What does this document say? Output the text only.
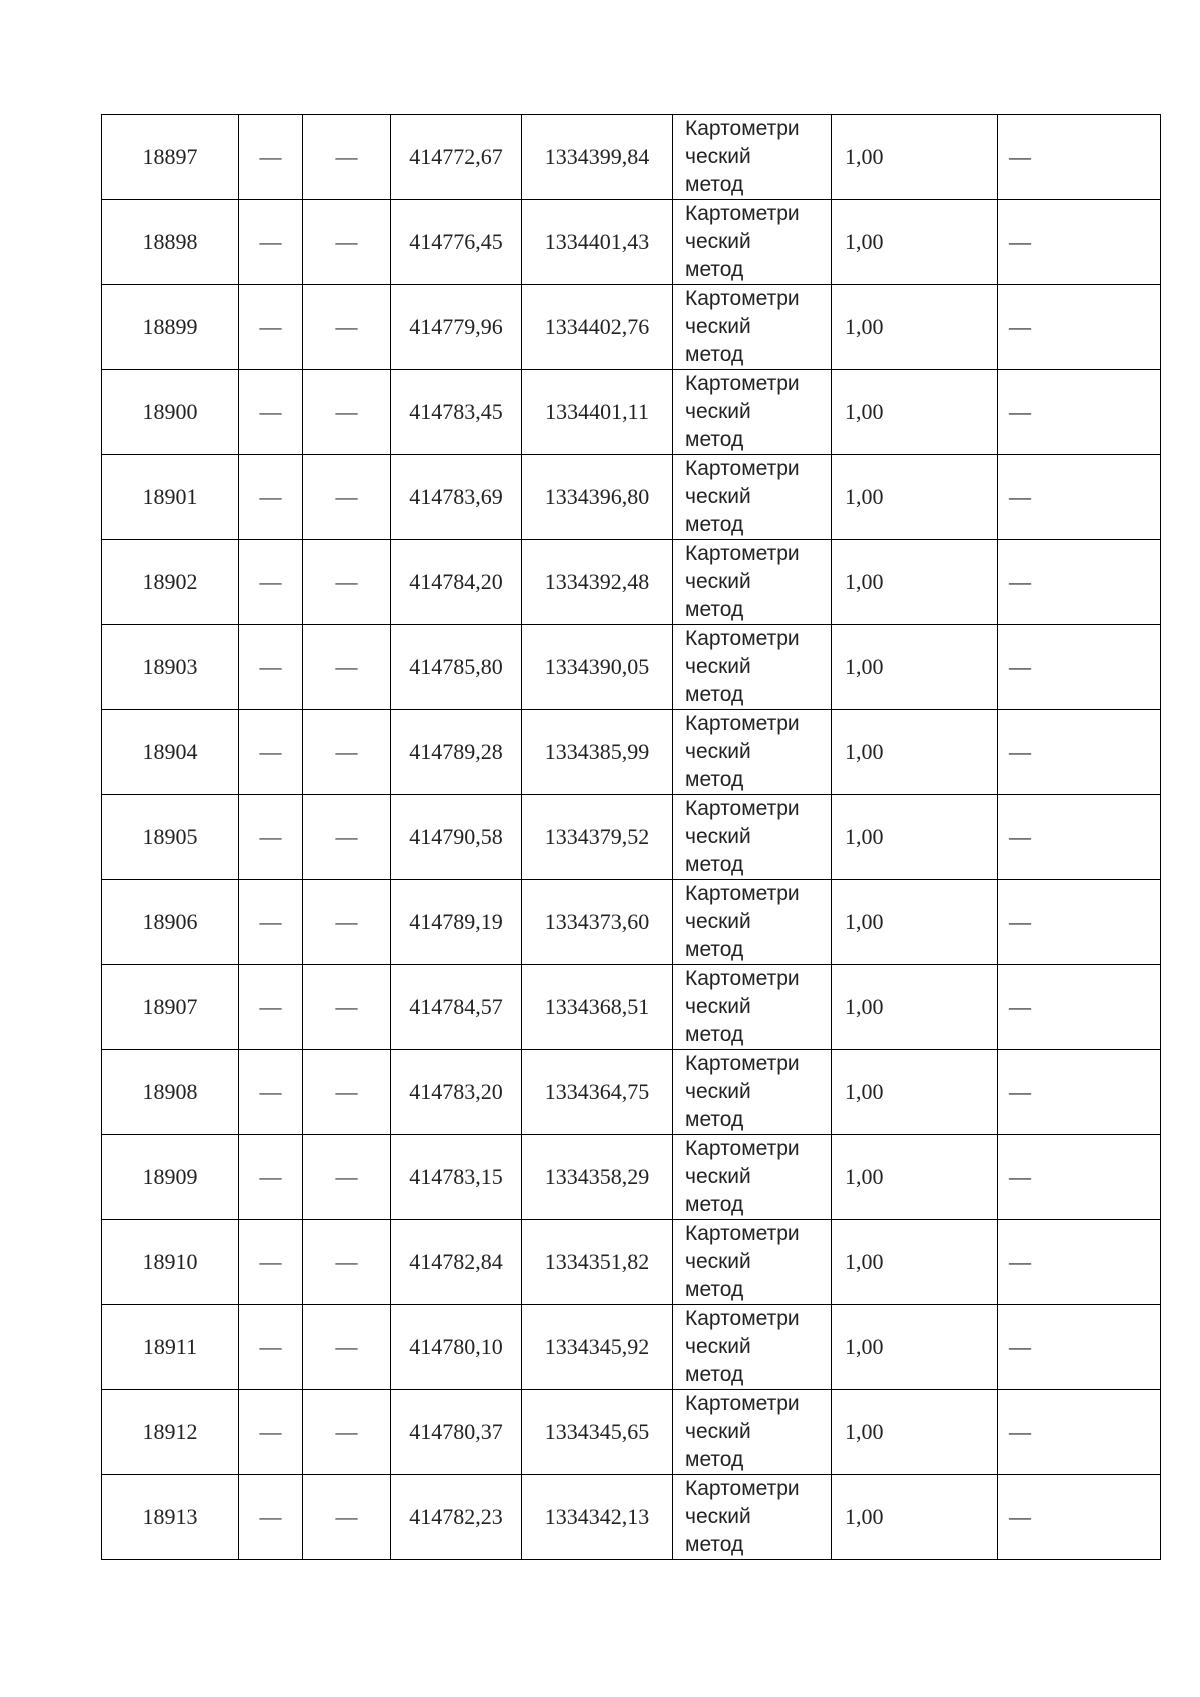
18897	—	—	414772,67	1334399,84	Картометри
ческий
метод	1,00	—
18898	—	—	414776,45	1334401,43	Картометри
ческий
метод	1,00	—
18899	—	—	414779,96	1334402,76	Картометри
ческий
метод	1,00	—
18900	—	—	414783,45	1334401,11	Картометри
ческий
метод	1,00	—
18901	—	—	414783,69	1334396,80	Картометри
ческий
метод	1,00	—
18902	—	—	414784,20	1334392,48	Картометри
ческий
метод	1,00	—
18903	—	—	414785,80	1334390,05	Картометри
ческий
метод	1,00	—
18904	—	—	414789,28	1334385,99	Картометри
ческий
метод	1,00	—
18905	—	—	414790,58	1334379,52	Картометри
ческий
метод	1,00	—
18906	—	—	414789,19	1334373,60	Картометри
ческий
метод	1,00	—
18907	—	—	414784,57	1334368,51	Картометри
ческий
метод	1,00	—
18908	—	—	414783,20	1334364,75	Картометри
ческий
метод	1,00	—
18909	—	—	414783,15	1334358,29	Картометри
ческий
метод	1,00	—
18910	—	—	414782,84	1334351,82	Картометри
ческий
метод	1,00	—
18911	—	—	414780,10	1334345,92	Картометри
ческий
метод	1,00	—
18912	—	—	414780,37	1334345,65	Картометри
ческий
метод	1,00	—
18913	—	—	414782,23	1334342,13	Картометри
ческий
метод	1,00	—
